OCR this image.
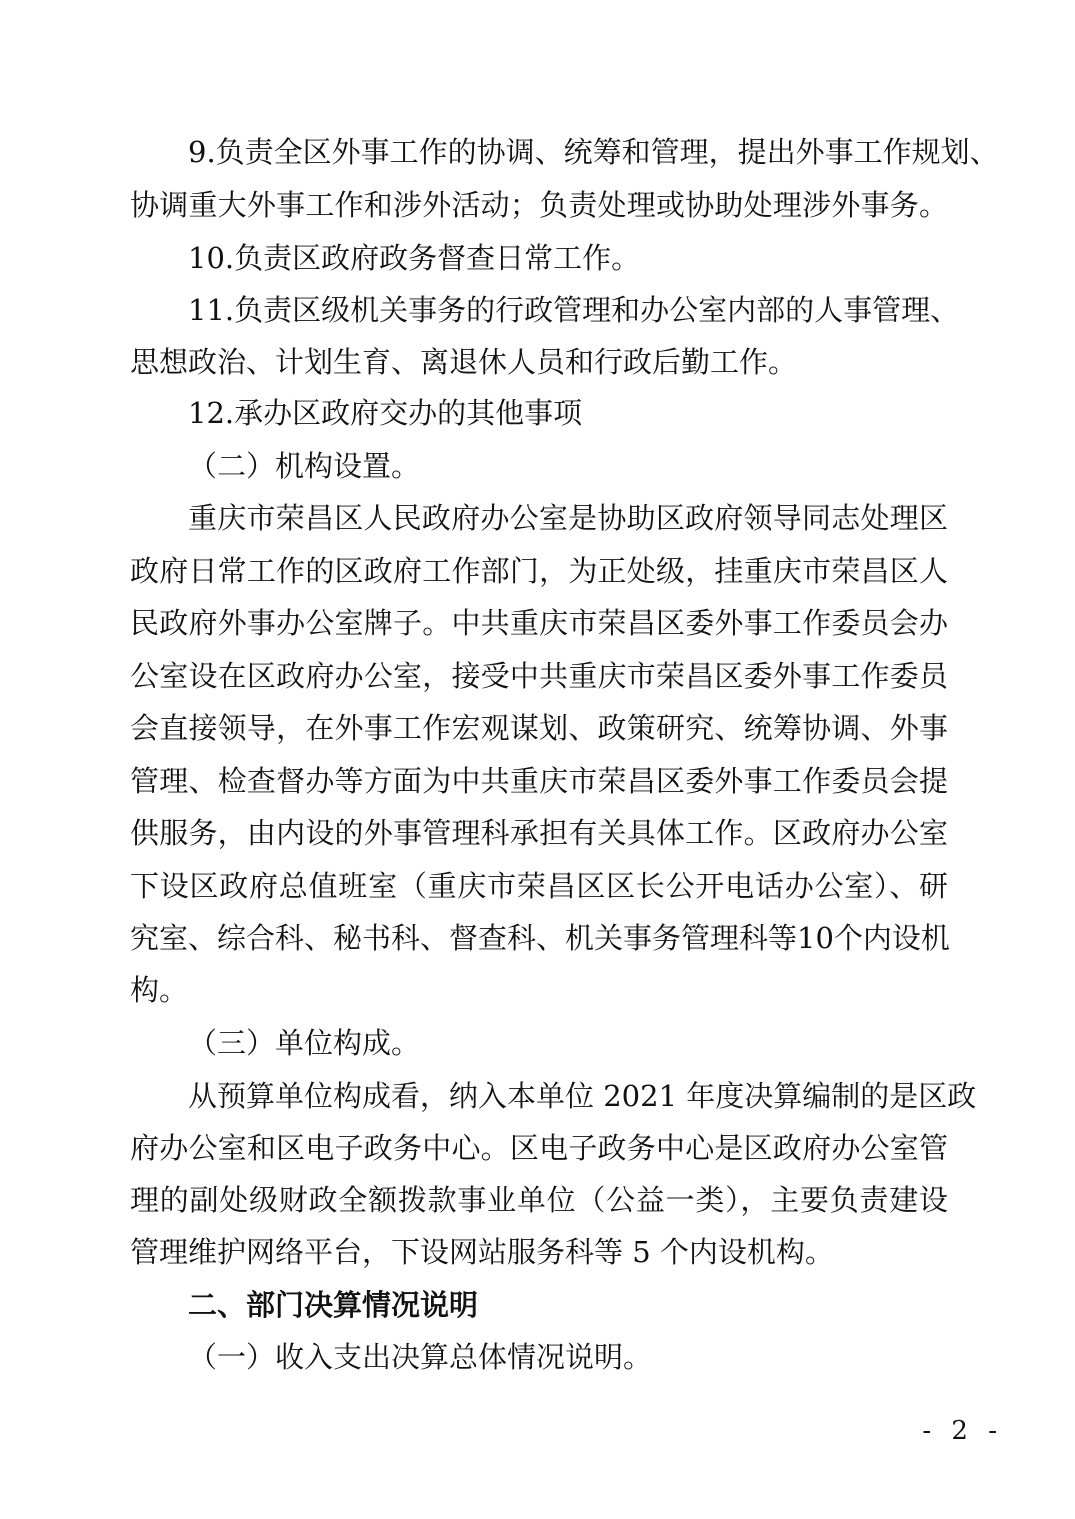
9.负责全区外事工作的协调、统筹和管理，提出外事工作规划、
协调重大外事工作和涉外活动；负责处理或协助处理涉外事务。
10.负责区政府政务督查日常工作。
11.负责区级机关事务的行政管理和办公室内部的人事管理、
思想政治、计划生育、离退休人员和行政后勤工作。
12.承办区政府交办的其他事项
（二）机构设置。
重庆市荣昌区人民政府办公室是协助区政府领导同志处理区
政府日常工作的区政府工作部门，为正处级，挂重庆市荣昌区人
民政府外事办公室牌子。中共重庆市荣昌区委外事工作委员会办
公室设在区政府办公室，接受中共重庆市荣昌区委外事工作委员
会直接领导，在外事工作宏观谋划、政策研究、统筹协调、外事
管理、检查督办等方面为中共重庆市荣昌区委外事工作委员会提
供服务，由内设的外事管理科承担有关具体工作。区政府办公室
下设区政府总值班室（重庆市荣昌区区长公开电话办公室）、研
究室、综合科、秘书科、督查科、机关事务管理科等10个内设机
构。
（三）单位构成。
从预算单位构成看，纳入本单位 2021 年度决算编制的是区政
府办公室和区电子政务中心。区电子政务中心是区政府办公室管
理的副处级财政全额拨款事业单位（公益一类），主要负责建设
管理维护网络平台，下设网站服务科等 5 个内设机构。
二、部门决算情况说明
（一）收入支出决算总体情况说明。
- 2 -
